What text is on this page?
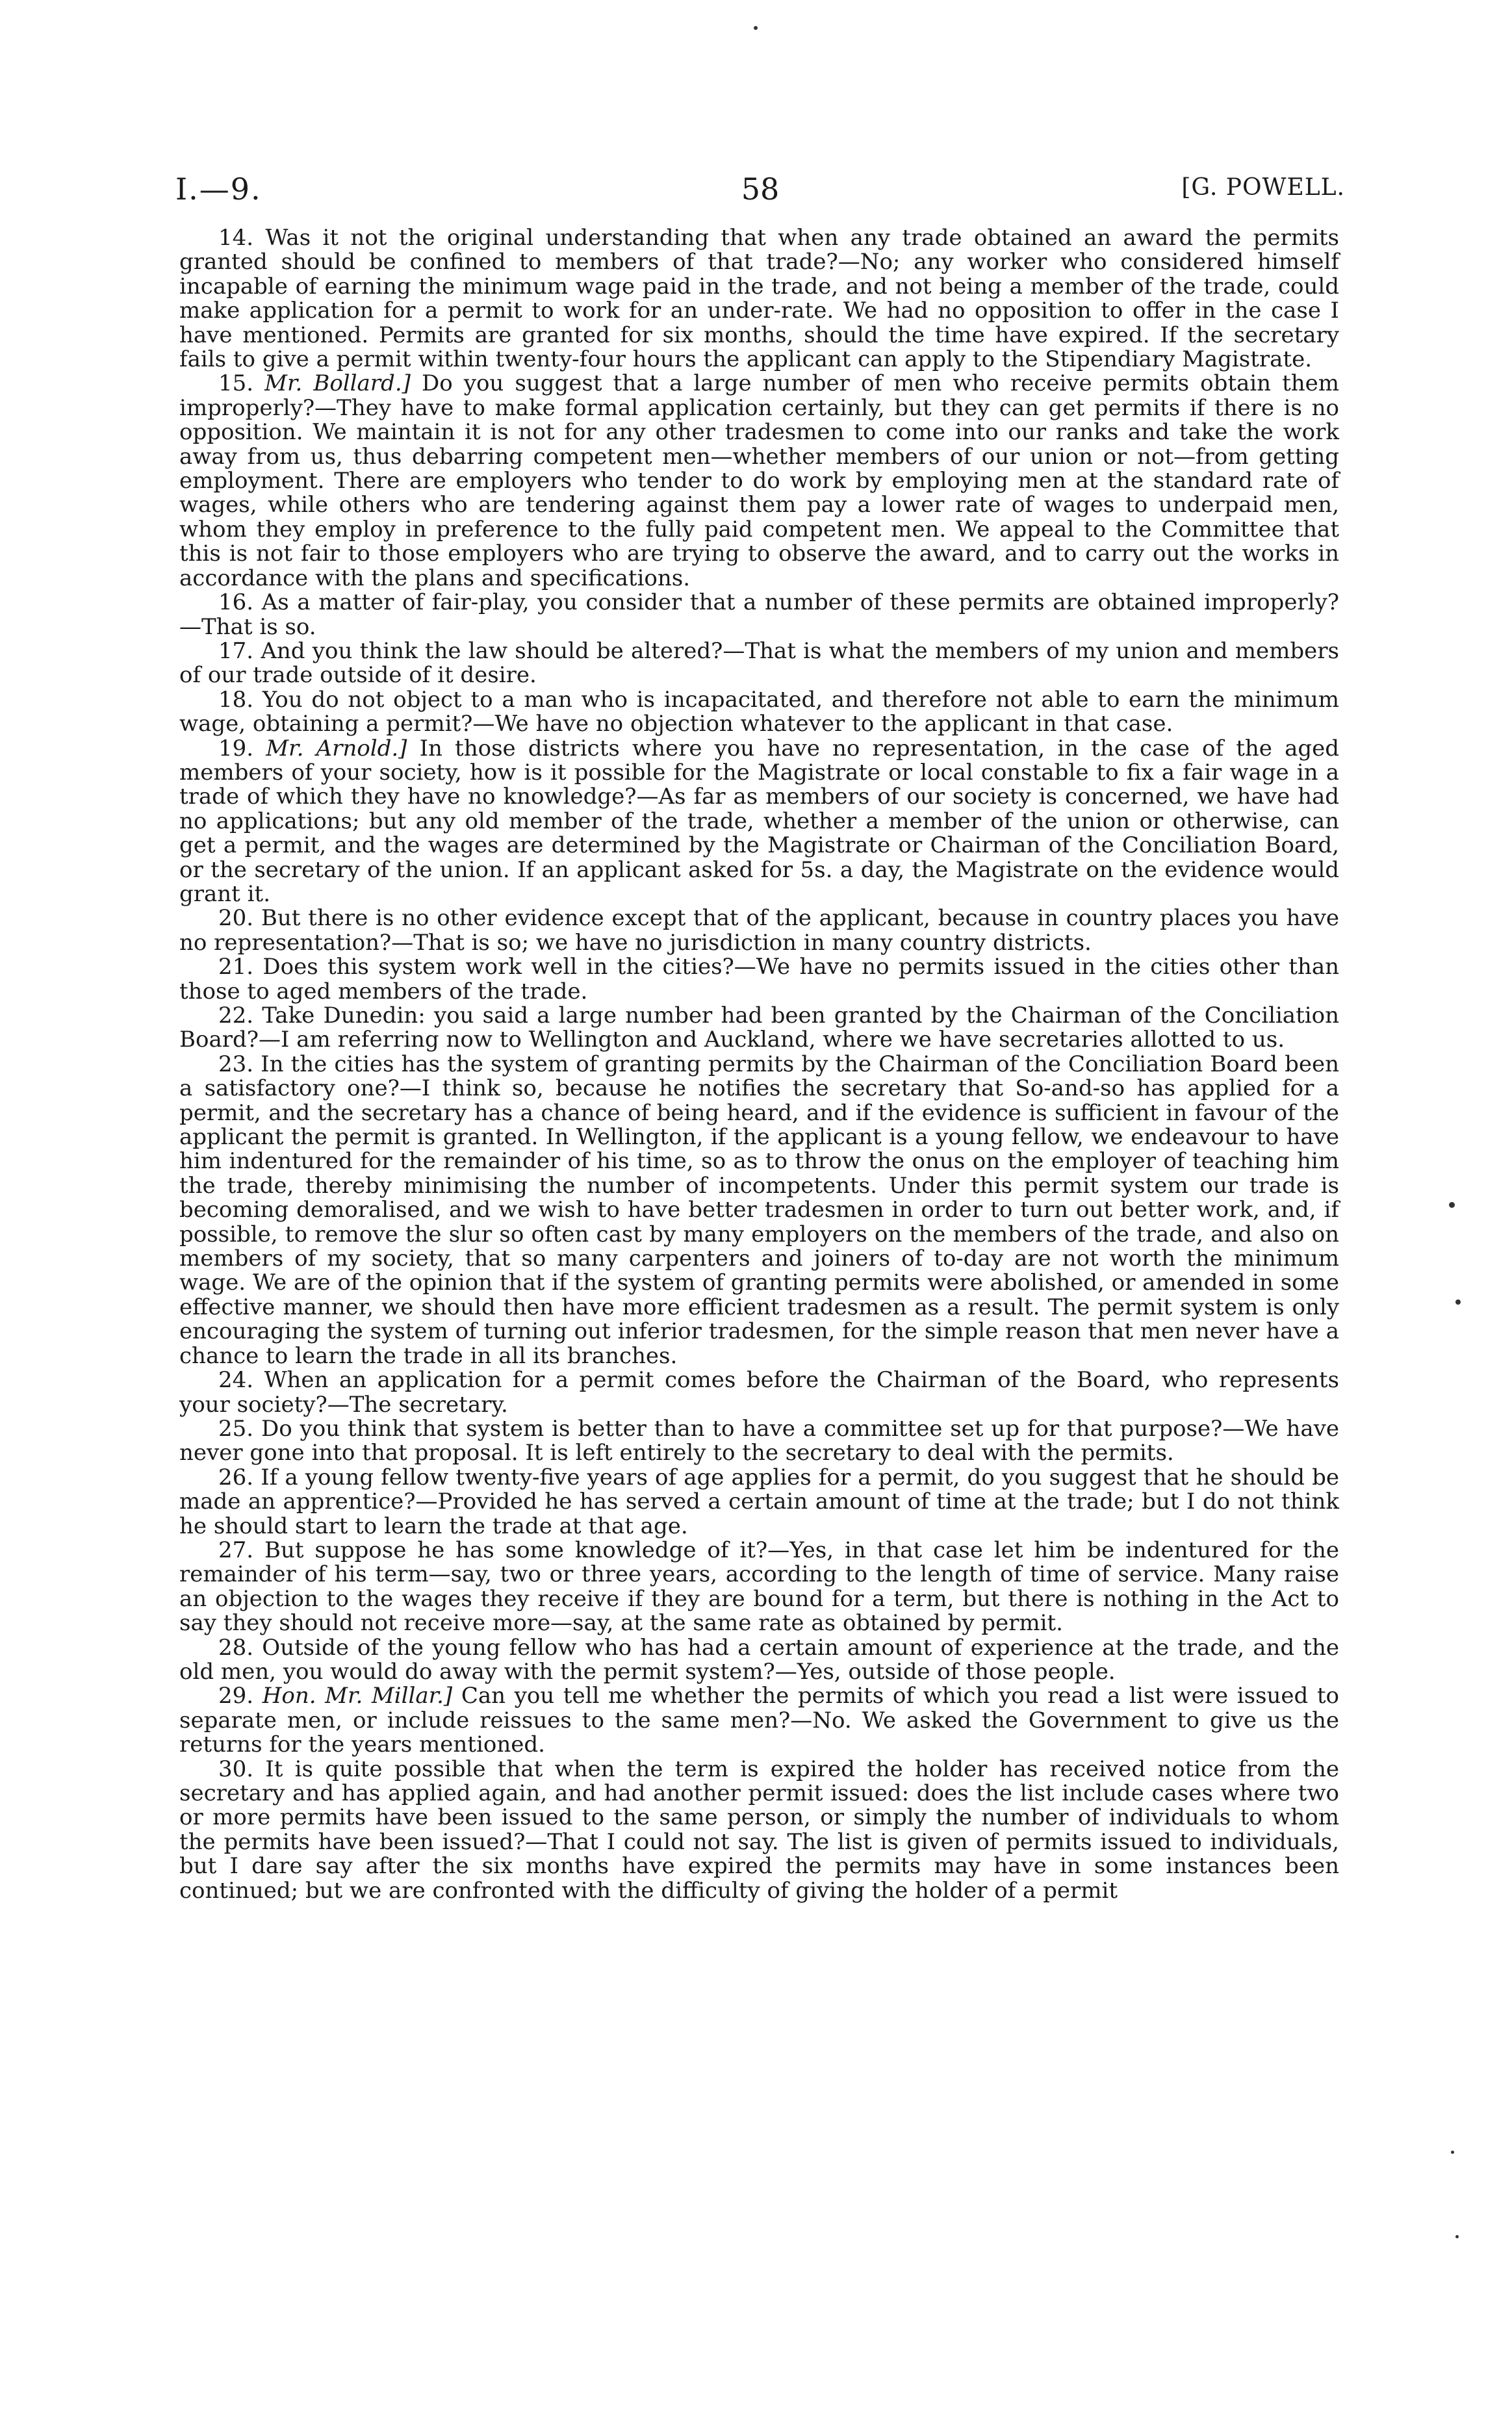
I.—9.	58	[G. POWELL.

14. Was it not the original understanding that when any trade obtained an award the permits granted should be confined to members of that trade?—No; any worker who considered himself incapable of earning the minimum wage paid in the trade, and not being a member of the trade, could make application for a permit to work for an under-rate. We had no opposition to offer in the case I have mentioned. Permits are granted for six months, should the time have expired. If the secretary fails to give a permit within twenty-four hours the applicant can apply to the Stipendiary Magistrate.

15. Mr. Bollard.] Do you suggest that a large number of men who receive permits obtain them improperly?—They have to make formal application certainly, but they can get permits if there is no opposition. We maintain it is not for any other tradesmen to come into our ranks and take the work away from us, thus debarring competent men—whether members of our union or not—from getting employment. There are employers who tender to do work by employing men at the standard rate of wages, while others who are tendering against them pay a lower rate of wages to underpaid men, whom they employ in preference to the fully paid competent men. We appeal to the Committee that this is not fair to those employers who are trying to observe the award, and to carry out the works in accordance with the plans and specifications.

16. As a matter of fair-play, you consider that a number of these permits are obtained improperly?—That is so.

17. And you think the law should be altered?—That is what the members of my union and members of our trade outside of it desire.

18. You do not object to a man who is incapacitated, and therefore not able to earn the minimum wage, obtaining a permit?—We have no objection whatever to the applicant in that case.

19. Mr. Arnold.] In those districts where you have no representation, in the case of the aged members of your society, how is it possible for the Magistrate or local constable to fix a fair wage in a trade of which they have no knowledge?—As far as members of our society is concerned, we have had no applications; but any old member of the trade, whether a member of the union or otherwise, can get a permit, and the wages are determined by the Magistrate or Chairman of the Conciliation Board, or the secretary of the union. If an applicant asked for 5s. a day, the Magistrate on the evidence would grant it.

20. But there is no other evidence except that of the applicant, because in country places you have no representation?—That is so; we have no jurisdiction in many country districts.

21. Does this system work well in the cities?—We have no permits issued in the cities other than those to aged members of the trade.

22. Take Dunedin: you said a large number had been granted by the Chairman of the Conciliation Board?—I am referring now to Wellington and Auckland, where we have secretaries allotted to us.

23. In the cities has the system of granting permits by the Chairman of the Conciliation Board been a satisfactory one?—I think so, because he notifies the secretary that So-and-so has applied for a permit, and the secretary has a chance of being heard, and if the evidence is sufficient in favour of the applicant the permit is granted. In Wellington, if the applicant is a young fellow, we endeavour to have him indentured for the remainder of his time, so as to throw the onus on the employer of teaching him the trade, thereby minimising the number of incompetents. Under this permit system our trade is becoming demoralised, and we wish to have better tradesmen in order to turn out better work, and, if possible, to remove the slur so often cast by many employers on the members of the trade, and also on members of my society, that so many carpenters and joiners of to-day are not worth the minimum wage. We are of the opinion that if the system of granting permits were abolished, or amended in some effective manner, we should then have more efficient tradesmen as a result. The permit system is only encouraging the system of turning out inferior tradesmen, for the simple reason that men never have a chance to learn the trade in all its branches.

24. When an application for a permit comes before the Chairman of the Board, who represents your society?—The secretary.

25. Do you think that system is better than to have a committee set up for that purpose?—We have never gone into that proposal. It is left entirely to the secretary to deal with the permits.

26. If a young fellow twenty-five years of age applies for a permit, do you suggest that he should be made an apprentice?—Provided he has served a certain amount of time at the trade; but I do not think he should start to learn the trade at that age.

27. But suppose he has some knowledge of it?—Yes, in that case let him be indentured for the remainder of his term—say, two or three years, according to the length of time of service. Many raise an objection to the wages they receive if they are bound for a term, but there is nothing in the Act to say they should not receive more—say, at the same rate as obtained by permit.

28. Outside of the young fellow who has had a certain amount of experience at the trade, and the old men, you would do away with the permit system?—Yes, outside of those people.

29. Hon. Mr. Millar.] Can you tell me whether the permits of which you read a list were issued to separate men, or include reissues to the same men?—No. We asked the Government to give us the returns for the years mentioned.

30. It is quite possible that when the term is expired the holder has received notice from the secretary and has applied again, and had another permit issued: does the list include cases where two or more permits have been issued to the same person, or simply the number of individuals to whom the permits have been issued?—That I could not say. The list is given of permits issued to individuals, but I dare say after the six months have expired the permits may have in some instances been continued; but we are confronted with the difficulty of giving the holder of a permit
